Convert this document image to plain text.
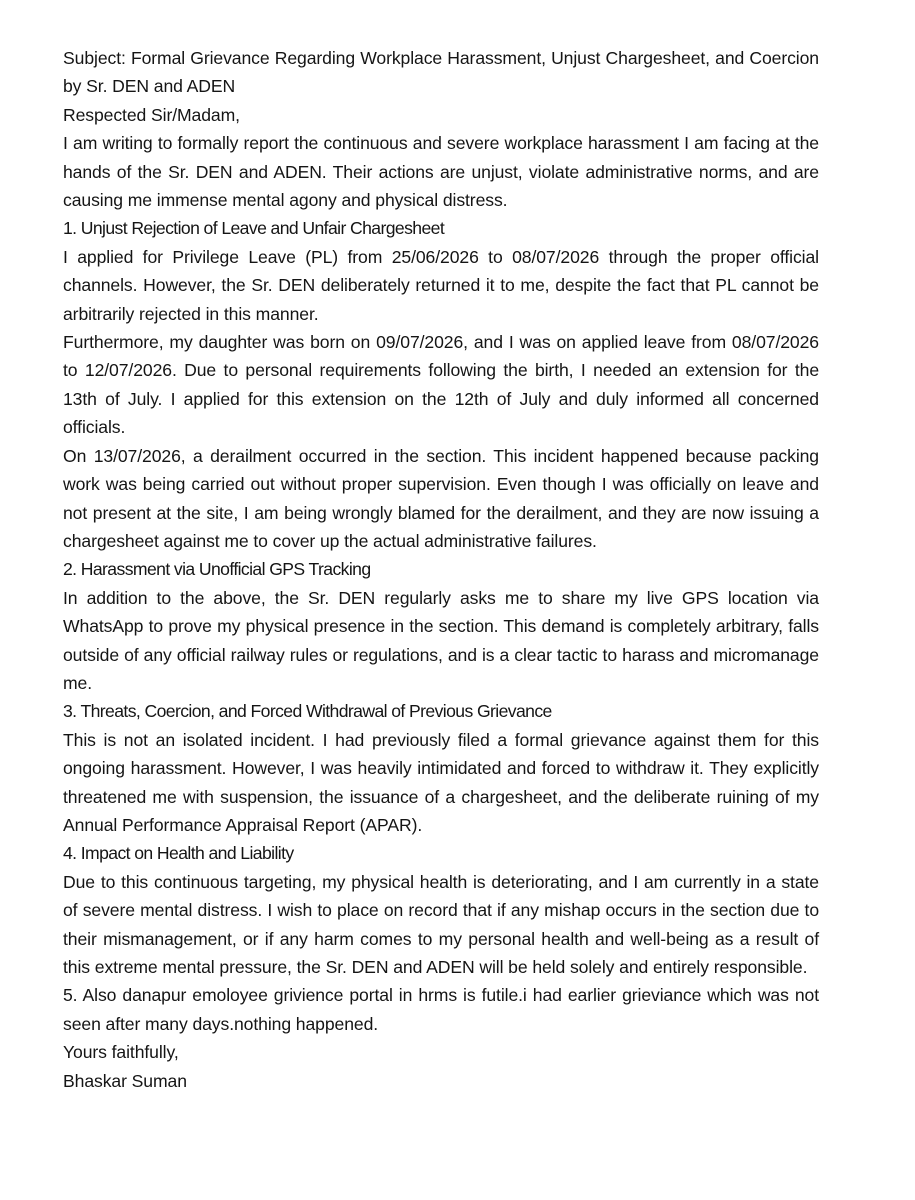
Subject: Formal Grievance Regarding Workplace Harassment, Unjust Chargesheet, and Coercion by Sr. DEN and ADEN

Respected Sir/Madam,

I am writing to formally report the continuous and severe workplace harassment I am facing at the hands of the Sr. DEN and ADEN. Their actions are unjust, violate administrative norms, and are causing me immense mental agony and physical distress.

1. Unjust Rejection of Leave and Unfair Chargesheet

I applied for Privilege Leave (PL) from 25/06/2026 to 08/07/2026 through the proper official channels. However, the Sr. DEN deliberately returned it to me, despite the fact that PL cannot be arbitrarily rejected in this manner.

Furthermore, my daughter was born on 09/07/2026, and I was on applied leave from 08/07/2026 to 12/07/2026. Due to personal requirements following the birth, I needed an extension for the 13th of July. I applied for this extension on the 12th of July and duly informed all concerned officials.

On 13/07/2026, a derailment occurred in the section. This incident happened because packing work was being carried out without proper supervision. Even though I was officially on leave and not present at the site, I am being wrongly blamed for the derailment, and they are now issuing a chargesheet against me to cover up the actual administrative failures.

2. Harassment via Unofficial GPS Tracking

In addition to the above, the Sr. DEN regularly asks me to share my live GPS location via WhatsApp to prove my physical presence in the section. This demand is completely arbitrary, falls outside of any official railway rules or regulations, and is a clear tactic to harass and micromanage me.

3. Threats, Coercion, and Forced Withdrawal of Previous Grievance

This is not an isolated incident. I had previously filed a formal grievance against them for this ongoing harassment. However, I was heavily intimidated and forced to withdraw it. They explicitly threatened me with suspension, the issuance of a chargesheet, and the deliberate ruining of my Annual Performance Appraisal Report (APAR).

4. Impact on Health and Liability

Due to this continuous targeting, my physical health is deteriorating, and I am currently in a state of severe mental distress. I wish to place on record that if any mishap occurs in the section due to their mismanagement, or if any harm comes to my personal health and well-being as a result of this extreme mental pressure, the Sr. DEN and ADEN will be held solely and entirely responsible.

5. Also danapur emoloyee grivience portal in hrms is futile.i had earlier grieviance which was not seen after many days.nothing happened.

Yours faithfully,

Bhaskar Suman
